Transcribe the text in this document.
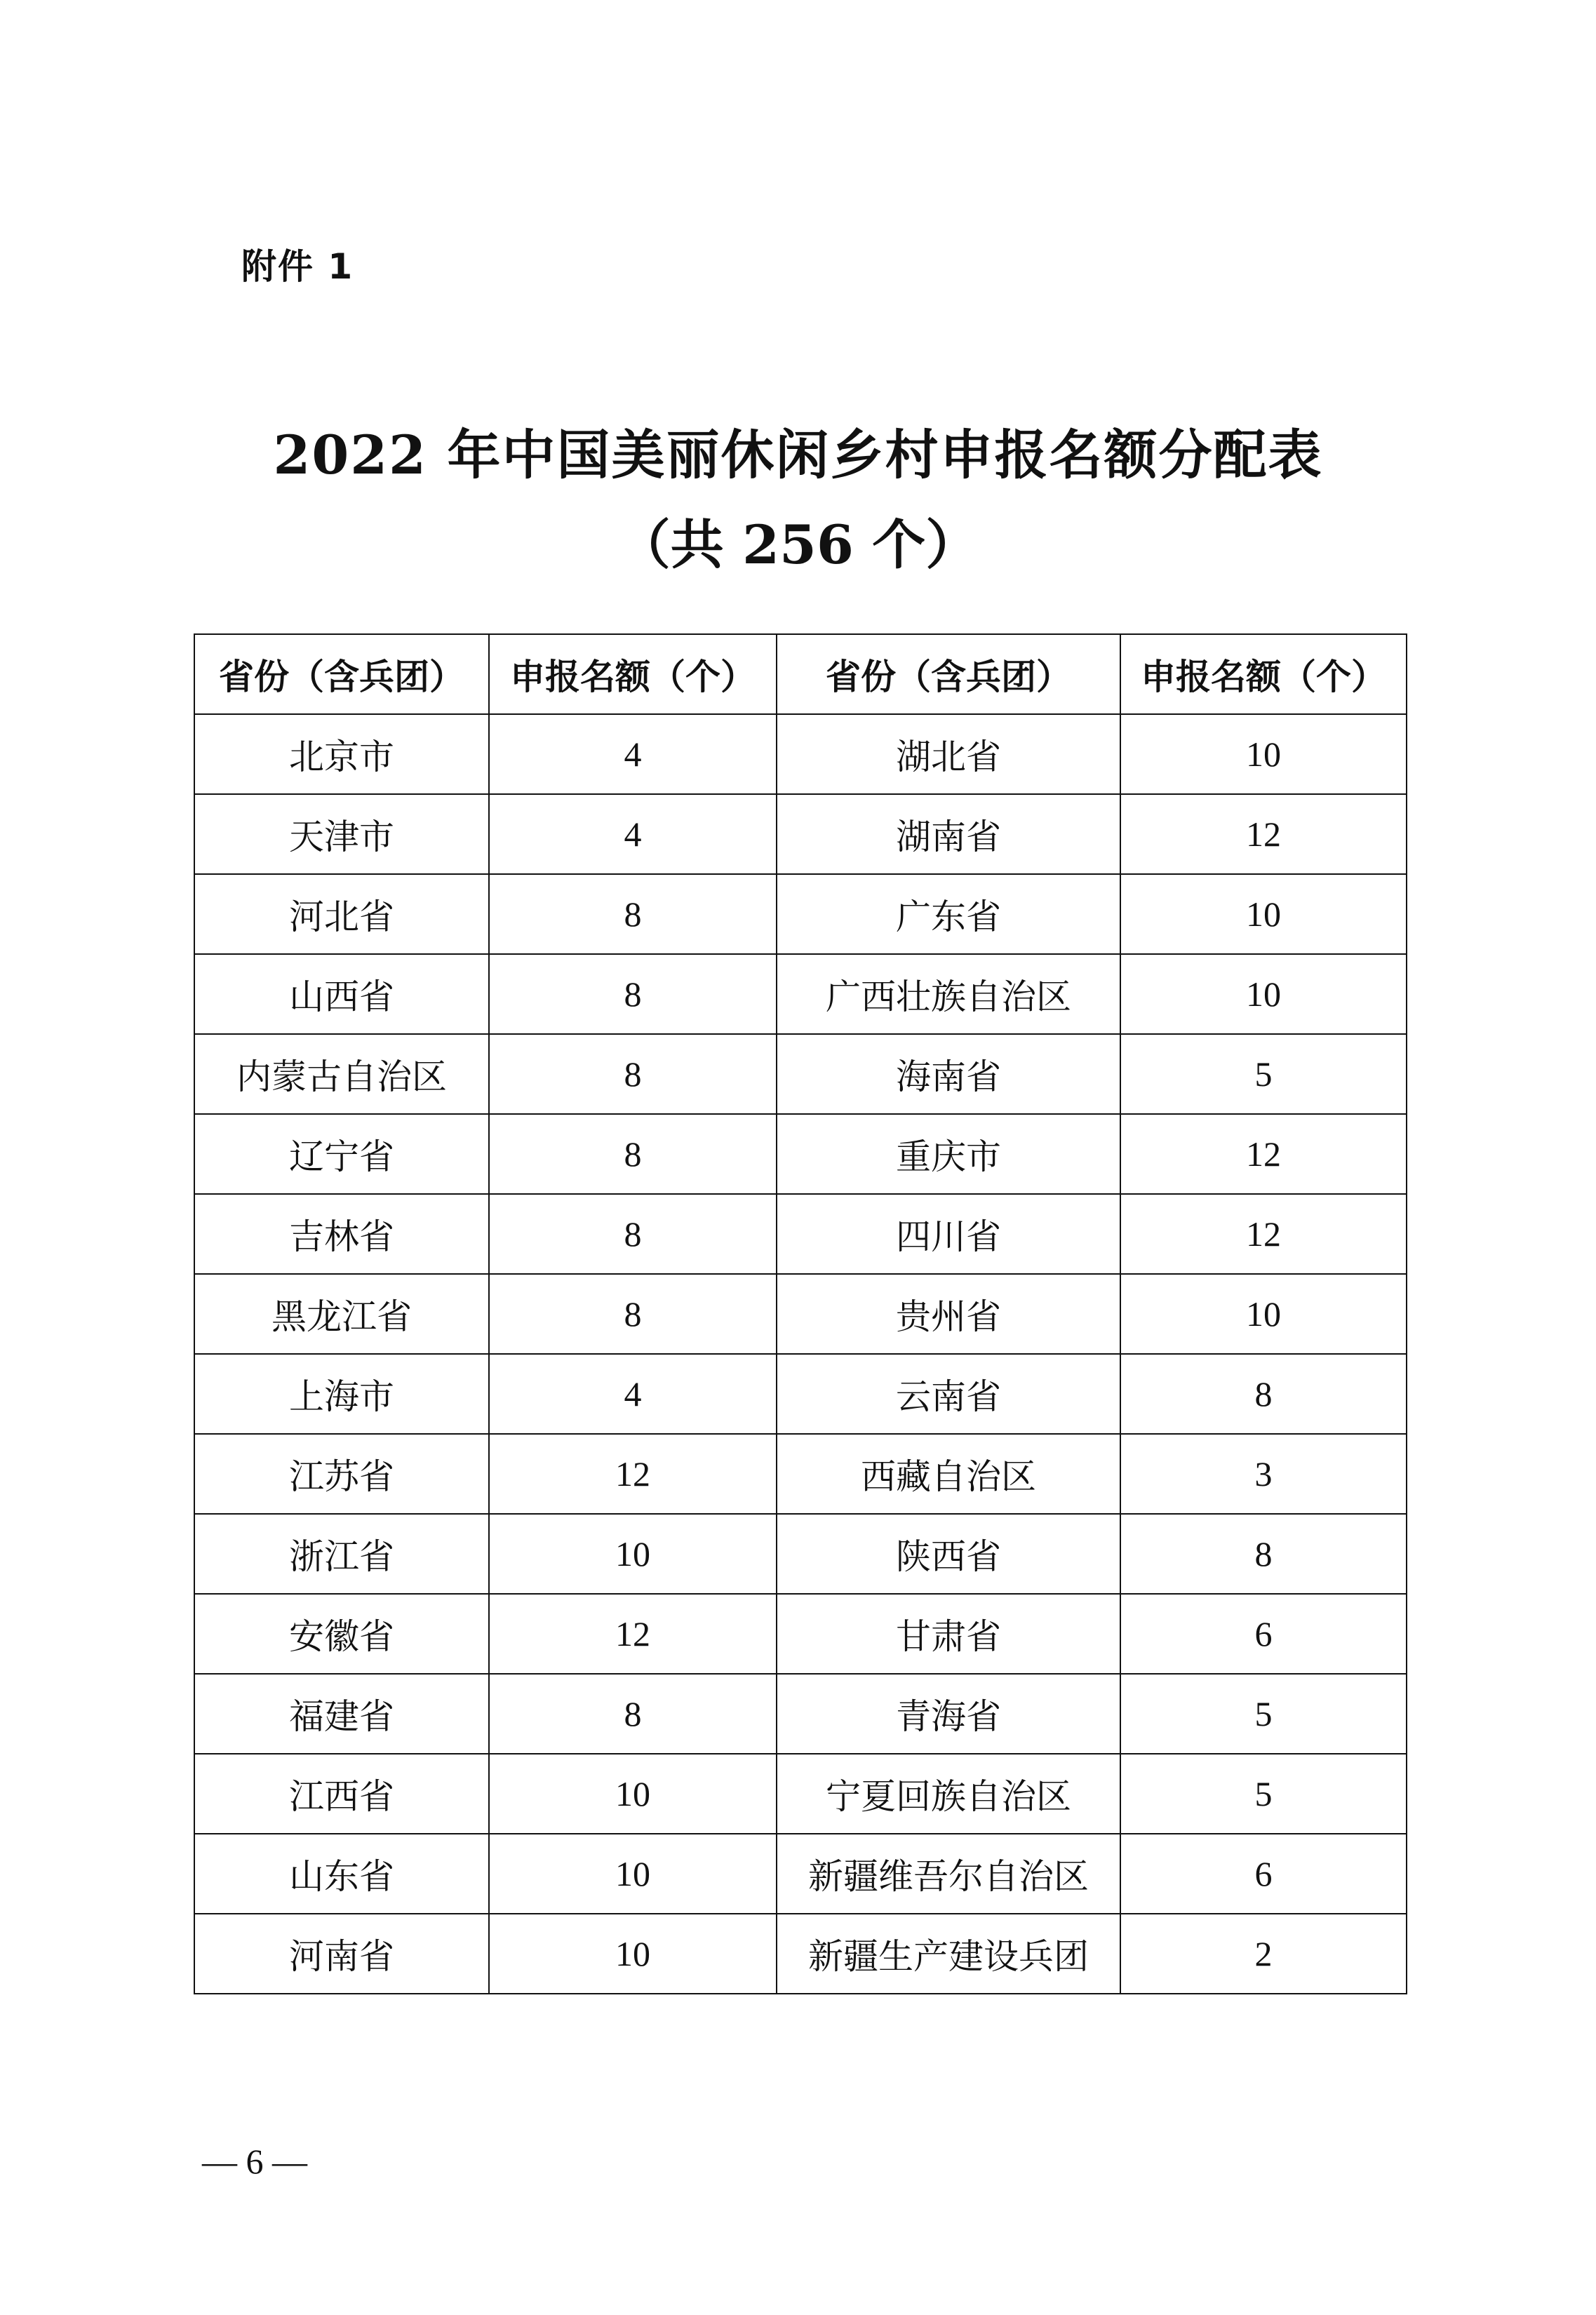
附件 1
2022 年中国美丽休闲乡村申报名额分配表
（共 256 个）
省份（含兵团）	申报名额（个）	省份（含兵团）	申报名额（个）
北京市	4	湖北省	10
天津市	4	湖南省	12
河北省	8	广东省	10
山西省	8	广西壮族自治区	10
内蒙古自治区	8	海南省	5
辽宁省	8	重庆市	12
吉林省	8	四川省	12
黑龙江省	8	贵州省	10
上海市	4	云南省	8
江苏省	12	西藏自治区	3
浙江省	10	陕西省	8
安徽省	12	甘肃省	6
福建省	8	青海省	5
江西省	10	宁夏回族自治区	5
山东省	10	新疆维吾尔自治区	6
河南省	10	新疆生产建设兵团	2
— 6 —
